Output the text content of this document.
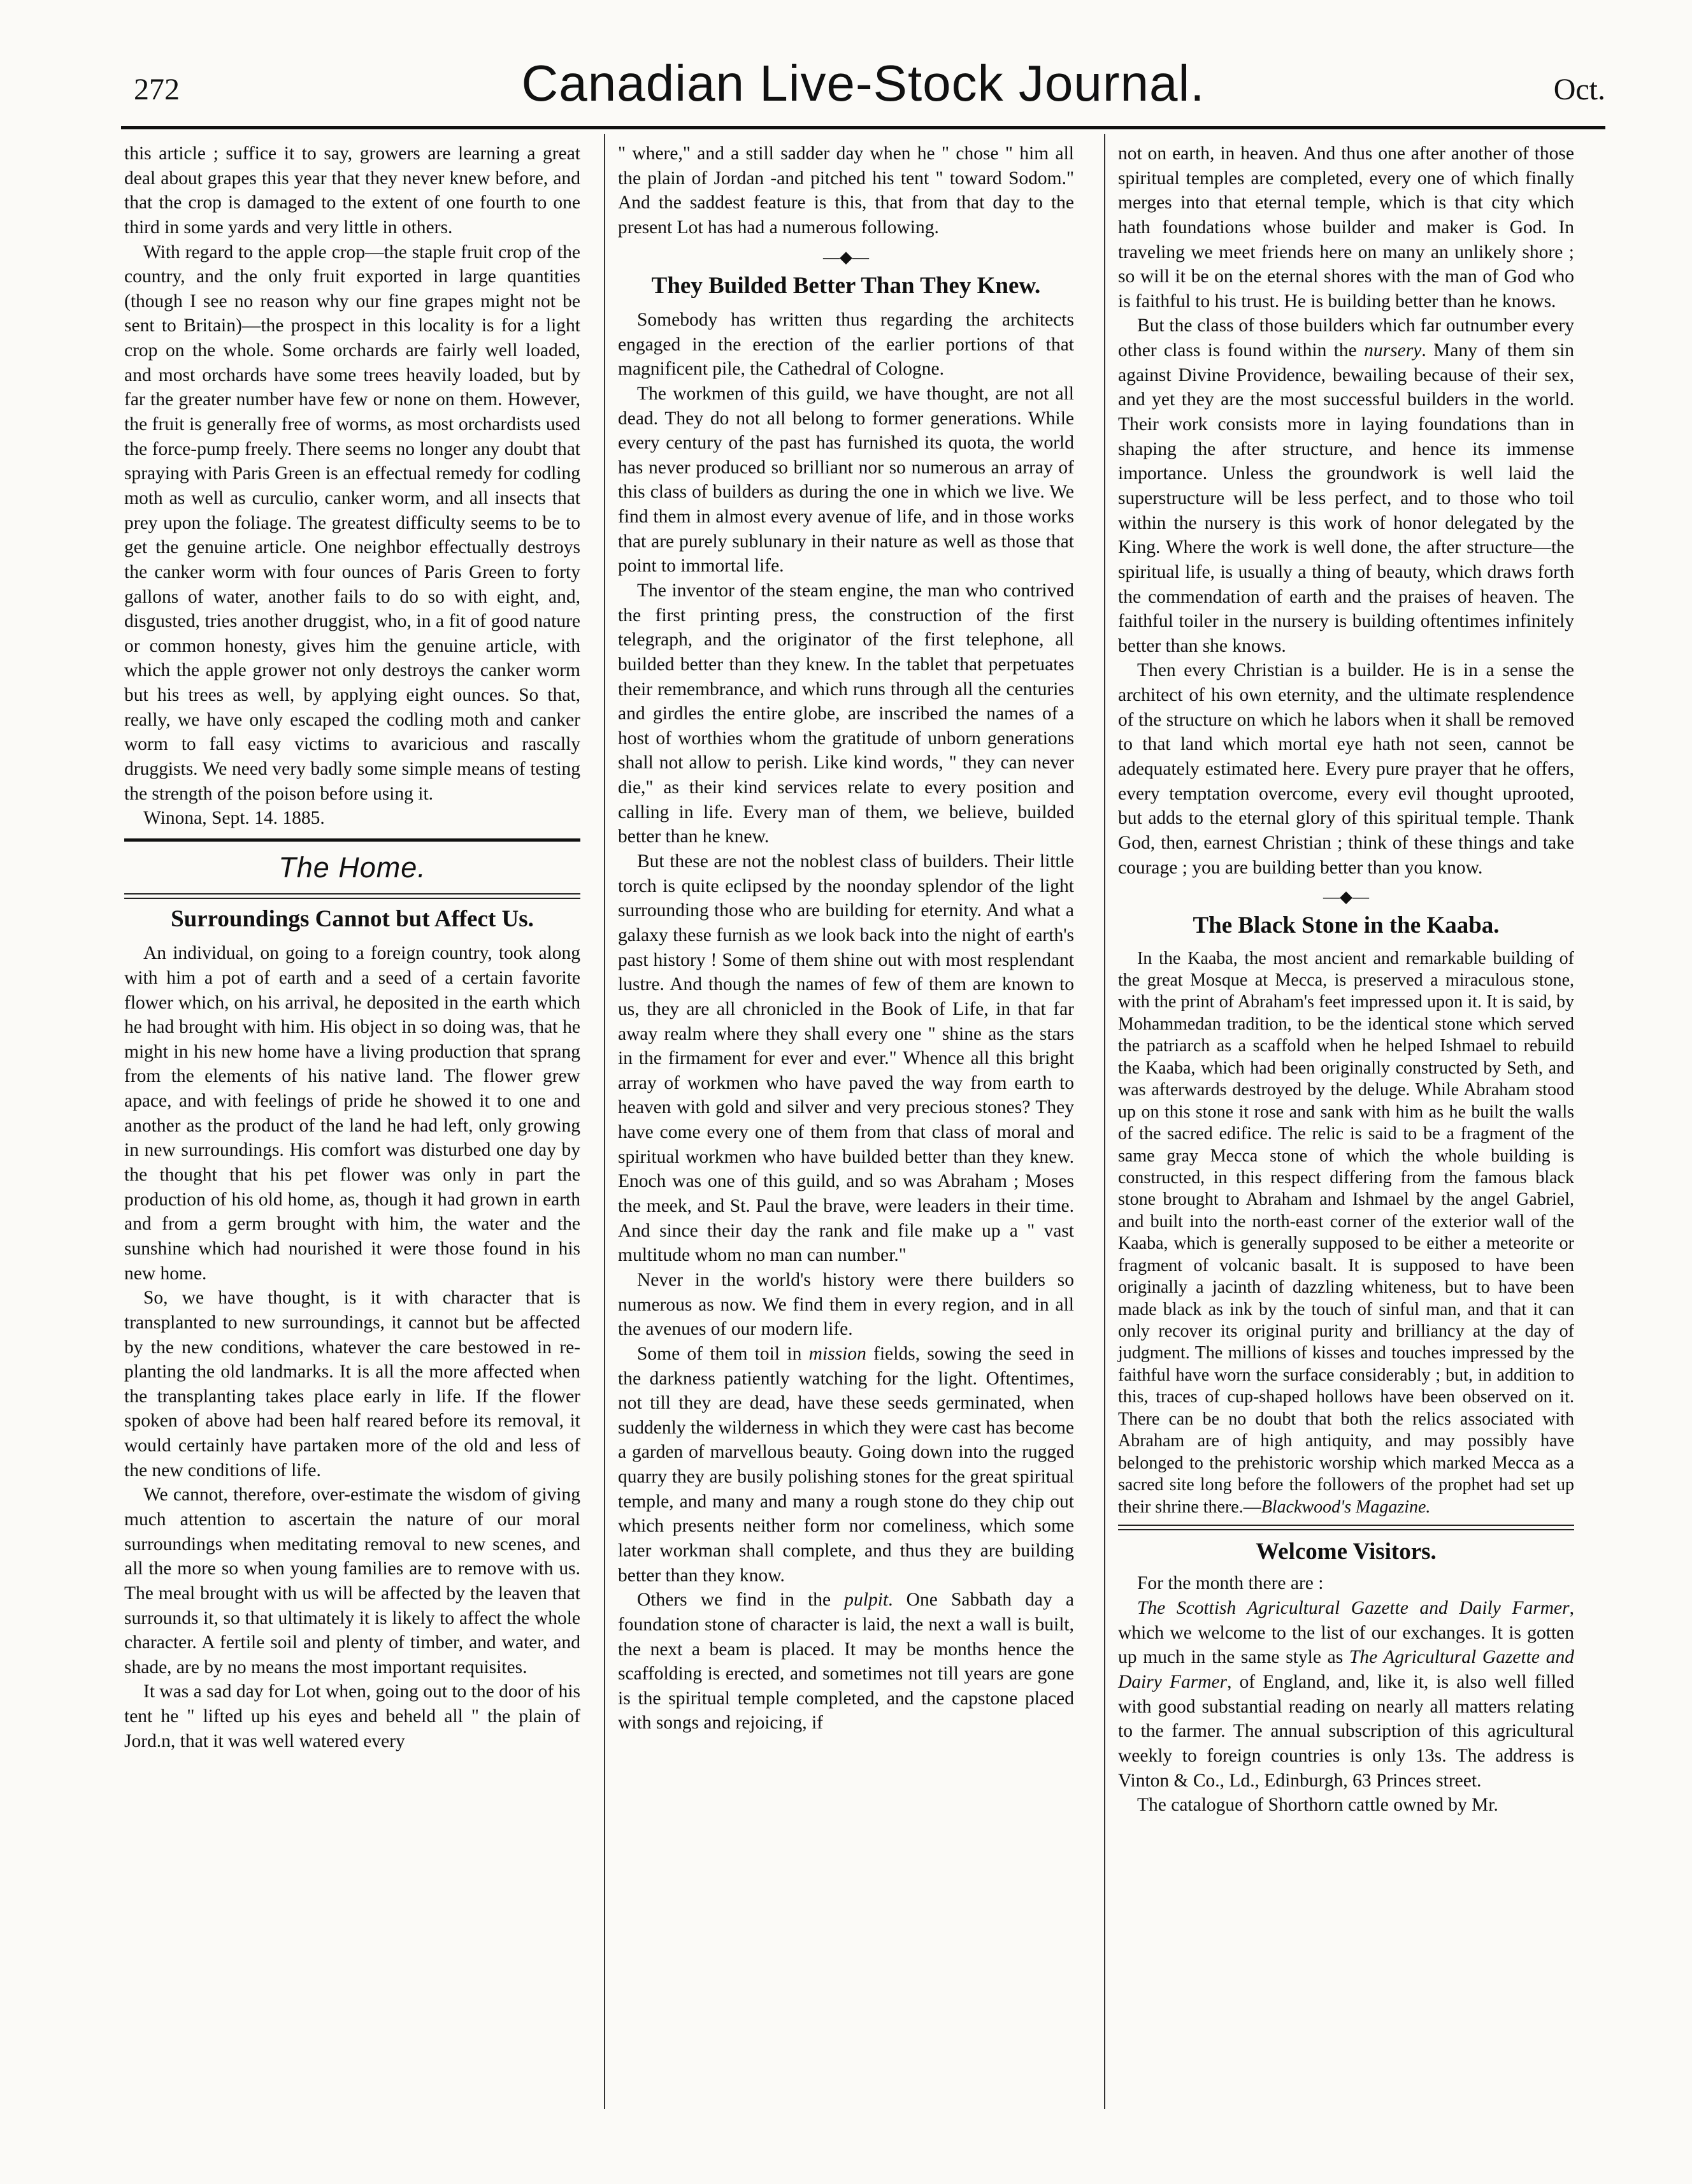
272	Canadian Live-Stock Journal.	Oct.

this article ; suffice it to say, growers are learning a great deal about grapes this year that they never knew before, and that the crop is damaged to the extent of one fourth to one third in some yards and very little in others.

With regard to the apple crop—the staple fruit crop of the country, and the only fruit exported in large quantities (though I see no reason why our fine grapes might not be sent to Britain)—the prospect in this locality is for a light crop on the whole. Some orchards are fairly well loaded, and most orchards have some trees heavily loaded, but by far the greater number have few or none on them. However, the fruit is generally free of worms, as most orchardists used the force-pump freely. There seems no longer any doubt that spraying with Paris Green is an effectual remedy for codling moth as well as curculio, canker worm, and all insects that prey upon the foliage. The greatest difficulty seems to be to get the genuine article. One neighbor effectually destroys the canker worm with four ounces of Paris Green to forty gallons of water, another fails to do so with eight, and, disgusted, tries another druggist, who, in a fit of good nature or common honesty, gives him the genuine article, with which the apple grower not only destroys the canker worm but his trees as well, by applying eight ounces. So that, really, we have only escaped the codling moth and canker worm to fall easy victims to avaricious and rascally druggists. We need very badly some simple means of testing the strength of the poison before using it.

Winona, Sept. 14. 1885.

The Home.
Surroundings Cannot but Affect Us.

An individual, on going to a foreign country, took along with him a pot of earth and a seed of a certain favorite flower which, on his arrival, he deposited in the earth which he had brought with him. His object in so doing was, that he might in his new home have a living production that sprang from the elements of his native land. The flower grew apace, and with feelings of pride he showed it to one and another as the product of the land he had left, only growing in new surroundings. His comfort was disturbed one day by the thought that his pet flower was only in part the production of his old home, as, though it had grown in earth and from a germ brought with him, the water and the sunshine which had nourished it were those found in his new home.

So, we have thought, is it with character that is transplanted to new surroundings, it cannot but be affected by the new conditions, whatever the care bestowed in re-planting the old landmarks. It is all the more affected when the transplanting takes place early in life. If the flower spoken of above had been half reared before its removal, it would certainly have partaken more of the old and less of the new conditions of life.

We cannot, therefore, over-estimate the wisdom of giving much attention to ascertain the nature of our moral surroundings when meditating removal to new scenes, and all the more so when young families are to remove with us. The meal brought with us will be affected by the leaven that surrounds it, so that ultimately it is likely to affect the whole character. A fertile soil and plenty of timber, and water, and shade, are by no means the most important requisites.

It was a sad day for Lot when, going out to the door of his tent he " lifted up his eyes and beheld all " the plain of Jord.n, that it was well watered every

" where," and a still sadder day when he " chose " him all the plain of Jordan -and pitched his tent " toward Sodom." And the saddest feature is this, that from that day to the present Lot has had a numerous following.

—◆—
They Builded Better Than They Knew.

Somebody has written thus regarding the architects engaged in the erection of the earlier portions of that magnificent pile, the Cathedral of Cologne.

The workmen of this guild, we have thought, are not all dead. They do not all belong to former generations. While every century of the past has furnished its quota, the world has never produced so brilliant nor so numerous an array of this class of builders as during the one in which we live. We find them in almost every avenue of life, and in those works that are purely sublunary in their nature as well as those that point to immortal life.

The inventor of the steam engine, the man who contrived the first printing press, the construction of the first telegraph, and the originator of the first telephone, all builded better than they knew. In the tablet that perpetuates their remembrance, and which runs through all the centuries and girdles the entire globe, are inscribed the names of a host of worthies whom the gratitude of unborn generations shall not allow to perish. Like kind words, " they can never die," as their kind services relate to every position and calling in life. Every man of them, we believe, builded better than he knew.

But these are not the noblest class of builders. Their little torch is quite eclipsed by the noonday splendor of the light surrounding those who are building for eternity. And what a galaxy these furnish as we look back into the night of earth's past history ! Some of them shine out with most resplendant lustre. And though the names of few of them are known to us, they are all chronicled in the Book of Life, in that far away realm where they shall every one " shine as the stars in the firmament for ever and ever." Whence all this bright array of workmen who have paved the way from earth to heaven with gold and silver and very precious stones? They have come every one of them from that class of moral and spiritual workmen who have builded better than they knew. Enoch was one of this guild, and so was Abraham ; Moses the meek, and St. Paul the brave, were leaders in their time. And since their day the rank and file make up a " vast multitude whom no man can number."

Never in the world's history were there builders so numerous as now. We find them in every region, and in all the avenues of our modern life.

Some of them toil in mission fields, sowing the seed in the darkness patiently watching for the light. Oftentimes, not till they are dead, have these seeds germinated, when suddenly the wilderness in which they were cast has become a garden of marvellous beauty. Going down into the rugged quarry they are busily polishing stones for the great spiritual temple, and many and many a rough stone do they chip out which presents neither form nor comeliness, which some later workman shall complete, and thus they are building better than they know.

Others we find in the pulpit. One Sabbath day a foundation stone of character is laid, the next a wall is built, the next a beam is placed. It may be months hence the scaffolding is erected, and sometimes not till years are gone is the spiritual temple completed, and the capstone placed with songs and rejoicing, if

not on earth, in heaven. And thus one after another of those spiritual temples are completed, every one of which finally merges into that eternal temple, which is that city which hath foundations whose builder and maker is God. In traveling we meet friends here on many an unlikely shore ; so will it be on the eternal shores with the man of God who is faithful to his trust. He is building better than he knows.

But the class of those builders which far outnumber every other class is found within the nursery. Many of them sin against Divine Providence, bewailing because of their sex, and yet they are the most successful builders in the world. Their work consists more in laying foundations than in shaping the after structure, and hence its immense importance. Unless the groundwork is well laid the superstructure will be less perfect, and to those who toil within the nursery is this work of honor delegated by the King. Where the work is well done, the after structure—the spiritual life, is usually a thing of beauty, which draws forth the commendation of earth and the praises of heaven. The faithful toiler in the nursery is building oftentimes infinitely better than she knows.

Then every Christian is a builder. He is in a sense the architect of his own eternity, and the ultimate resplendence of the structure on which he labors when it shall be removed to that land which mortal eye hath not seen, cannot be adequately estimated here. Every pure prayer that he offers, every temptation overcome, every evil thought uprooted, but adds to the eternal glory of this spiritual temple. Thank God, then, earnest Christian ; think of these things and take courage ; you are building better than you know.

—◆—
The Black Stone in the Kaaba.

In the Kaaba, the most ancient and remarkable building of the great Mosque at Mecca, is preserved a miraculous stone, with the print of Abraham's feet impressed upon it. It is said, by Mohammedan tradition, to be the identical stone which served the patriarch as a scaffold when he helped Ishmael to rebuild the Kaaba, which had been originally constructed by Seth, and was afterwards destroyed by the deluge. While Abraham stood up on this stone it rose and sank with him as he built the walls of the sacred edifice. The relic is said to be a fragment of the same gray Mecca stone of which the whole building is constructed, in this respect differing from the famous black stone brought to Abraham and Ishmael by the angel Gabriel, and built into the north-east corner of the exterior wall of the Kaaba, which is generally supposed to be either a meteorite or fragment of volcanic basalt. It is supposed to have been originally a jacinth of dazzling whiteness, but to have been made black as ink by the touch of sinful man, and that it can only recover its original purity and brilliancy at the day of judgment. The millions of kisses and touches impressed by the faithful have worn the surface considerably ; but, in addition to this, traces of cup-shaped hollows have been observed on it. There can be no doubt that both the relics associated with Abraham are of high antiquity, and may possibly have belonged to the prehistoric worship which marked Mecca as a sacred site long before the followers of the prophet had set up their shrine there.—Blackwood's Magazine.

Welcome Visitors.

For the month there are :

The Scottish Agricultural Gazette and Daily Farmer, which we welcome to the list of our exchanges. It is gotten up much in the same style as The Agricultural Gazette and Dairy Farmer, of England, and, like it, is also well filled with good substantial reading on nearly all matters relating to the farmer. The annual subscription of this agricultural weekly to foreign countries is only 13s. The address is Vinton & Co., Ld., Edinburgh, 63 Princes street.

The catalogue of Shorthorn cattle owned by Mr.
